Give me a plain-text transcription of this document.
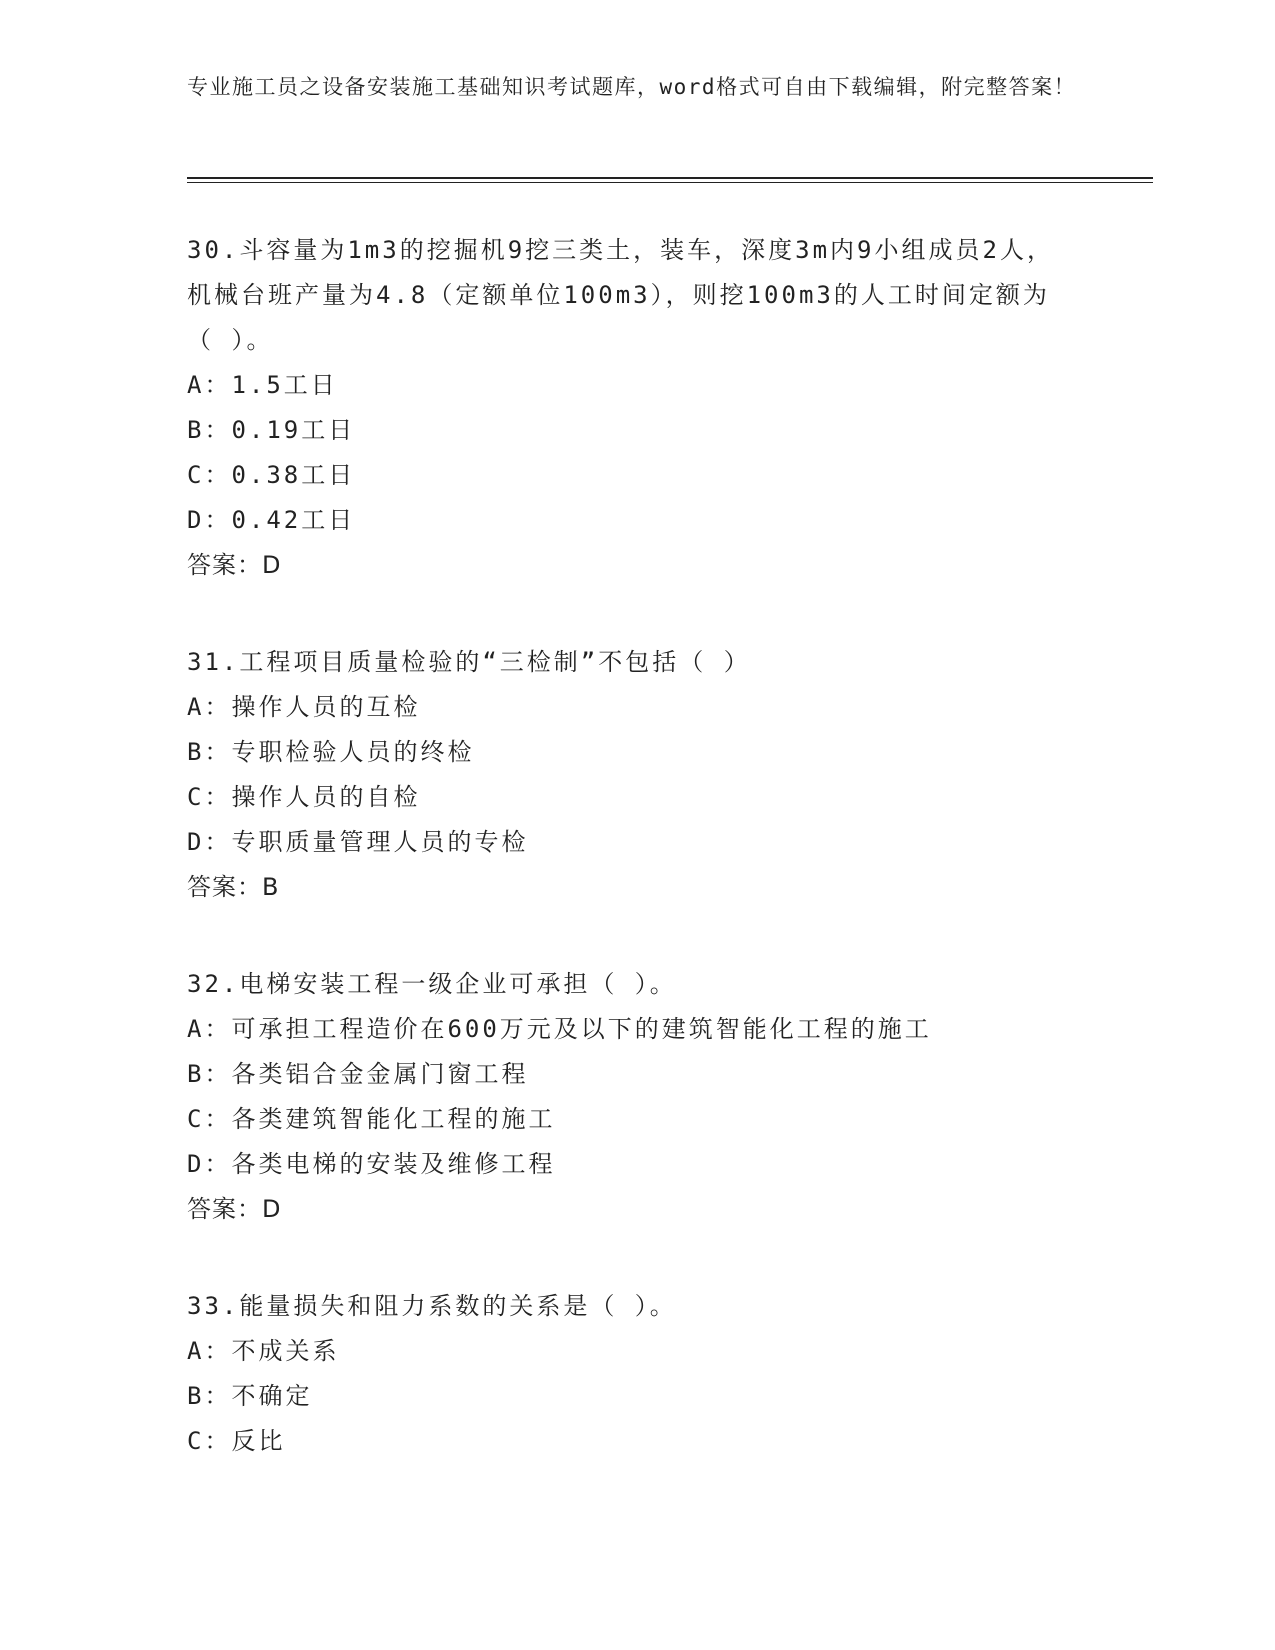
专业施工员之设备安装施工基础知识考试题库，word格式可自由下载编辑，附完整答案！
30.斗容量为1m3的挖掘机9挖三类土，装车，深度3m内9小组成员2人，机械台班产量为4.8（定额单位100m3），则挖100m3的人工时间定额为（ ）。
A：1.5工日
B：0.19工日
C：0.38工日
D：0.42工日
答案：D
31.工程项目质量检验的“三检制”不包括（ ）
A：操作人员的互检
B：专职检验人员的终检
C：操作人员的自检
D：专职质量管理人员的专检
答案：B
32.电梯安装工程一级企业可承担（ ）。
A：可承担工程造价在600万元及以下的建筑智能化工程的施工
B：各类铝合金金属门窗工程
C：各类建筑智能化工程的施工
D：各类电梯的安装及维修工程
答案：D
33.能量损失和阻力系数的关系是（ ）。
A：不成关系
B：不确定
C：反比
